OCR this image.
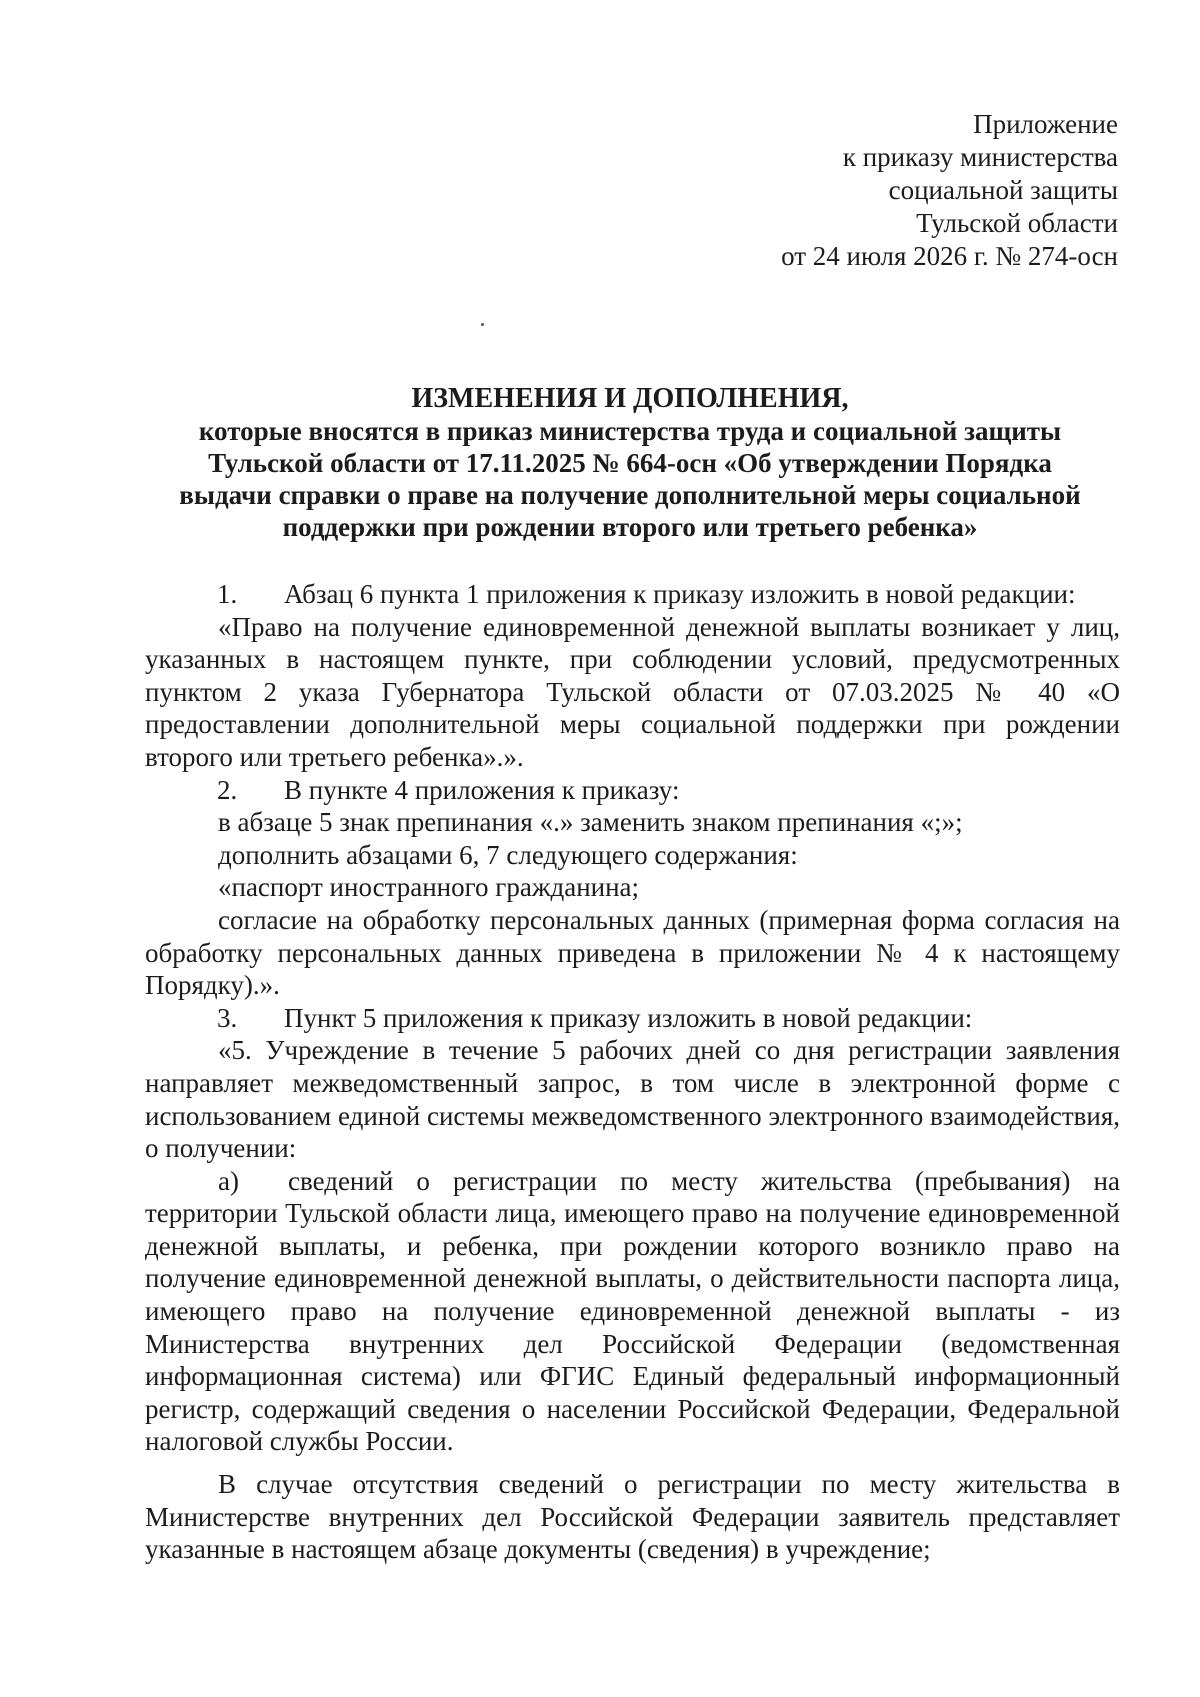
Приложение
к приказу министерства
социальной защиты
Тульской области
от 24 июля 2026 г. № 274-осн
ИЗМЕНЕНИЯ И ДОПОЛНЕНИЯ,
которые вносятся в приказ министерства труда и социальной защиты
Тульской области от 17.11.2025 № 664-осн «Об утверждении Порядка
выдачи справки о праве на получение дополнительной меры социальной
поддержки при рождении второго или третьего ребенка»

1. Абзац 6 пункта 1 приложения к приказу изложить в новой редакции:

«Право на получение единовременной денежной выплаты возникает у лиц, указанных в настоящем пункте, при соблюдении условий, предусмотренных пунктом 2 указа Губернатора Тульской области от 07.03.2025 № 40 «О предоставлении дополнительной меры социальной поддержки при рождении второго или третьего ребенка».».

2. В пункте 4 приложения к приказу:

в абзаце 5 знак препинания «.» заменить знаком препинания «;»;

дополнить абзацами 6, 7 следующего содержания:

«паспорт иностранного гражданина;

согласие на обработку персональных данных (примерная форма согласия на обработку персональных данных приведена в приложении № 4 к настоящему Порядку).».

3. Пункт 5 приложения к приказу изложить в новой редакции:

«5. Учреждение в течение 5 рабочих дней со дня регистрации заявления направляет межведомственный запрос, в том числе в электронной форме с использованием единой системы межведомственного электронного взаимодействия, о получении:

а) сведений о регистрации по месту жительства (пребывания) на территории Тульской области лица, имеющего право на получение единовременной денежной выплаты, и ребенка, при рождении которого возникло право на получение единовременной денежной выплаты, о действительности паспорта лица, имеющего право на получение единовременной денежной выплаты - из Министерства внутренних дел Российской Федерации (ведомственная информационная система) или ФГИС Единый федеральный информационный регистр, содержащий сведения о населении Российской Федерации, Федеральной налоговой службы России.

В случае отсутствия сведений о регистрации по месту жительства в Министерстве внутренних дел Российской Федерации заявитель представляет указанные в настоящем абзаце документы (сведения) в учреждение;
